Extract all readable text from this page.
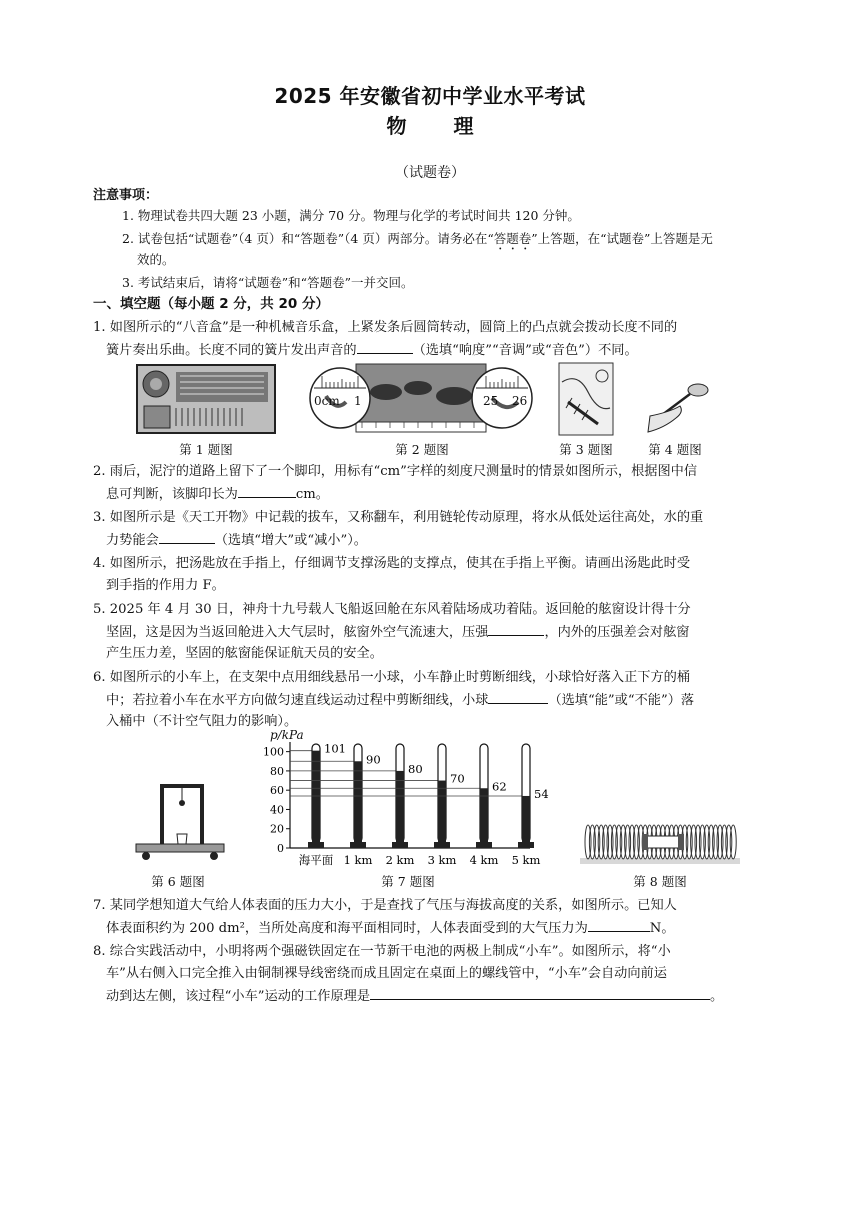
2025 年安徽省初中学业水平考试
物 理
（试题卷）
注意事项：
1. 物理试卷共四大题 23 小题，满分 70 分。物理与化学的考试时间共 120 分钟。
2. 试卷包括“试题卷”（4 页）和“答题卷”（4 页）两部分。请务必在“答题卷”上答题，在“试题卷”上答题是无
效的。
3. 考试结束后，请将“试题卷”和“答题卷”一并交回。
一、填空题（每小题 2 分，共 20 分）
1. 如图所示的“八音盒”是一种机械音乐盒，上紧发条后圆筒转动，圆筒上的凸点就会拨动长度不同的
簧片奏出乐曲。长度不同的簧片发出声音的	（选填“响度”“音调”或“音色”）不同。
第 1 题图
0cm 1	25 26
第 2 题图	第 3 题图	第 4 题图
2. 雨后，泥泞的道路上留下了一个脚印，用标有“cm”字样的刻度尺测量时的情景如图所示，根据图中信
息可判断，该脚印长为	cm。
3. 如图所示是《天工开物》中记载的拔车，又称翻车，利用链轮传动原理，将水从低处运往高处，水的重
力势能会	（选填“增大”或“减小”）。
4. 如图所示，把汤匙放在手指上，仔细调节支撑汤匙的支撑点，使其在手指上平衡。请画出汤匙此时受
到手指的作用力 F。
5. 2025 年 4 月 30 日，神舟十九号载人飞船返回舱在东风着陆场成功着陆。返回舱的舷窗设计得十分
坚固，这是因为当返回舱进入大气层时，舷窗外空气流速大，压强	，内外的压强差会对舷窗
产生压力差，坚固的舷窗能保证航天员的安全。
6. 如图所示的小车上，在支架中点用细线悬吊一小球，小车静止时剪断细线，小球恰好落入正下方的桶
中；若拉着小车在水平方向做匀速直线运动过程中剪断细线，小球	（选填“能”或“不能”）落
入桶中（不计空气阻力的影响）。
第 6 题图
0
20
40
60
80
100	101
海平面
90
1 km
80
2 km
70
3 km
62
4 km
54
5 km
p/kPa
第 7 题图	第 8 题图
7. 某同学想知道大气给人体表面的压力大小，于是查找了气压与海拔高度的关系，如图所示。已知人
体表面积约为 200 dm²，当所处高度和海平面相同时，人体表面受到的大气压力为	N。
8. 综合实践活动中，小明将两个强磁铁固定在一节新干电池的两极上制成“小车”。如图所示，将“小
车”从右侧入口完全推入由铜制裸导线密绕而成且固定在桌面上的螺线管中，“小车”会自动向前运
动到达左侧，该过程“小车”运动的工作原理是	。
